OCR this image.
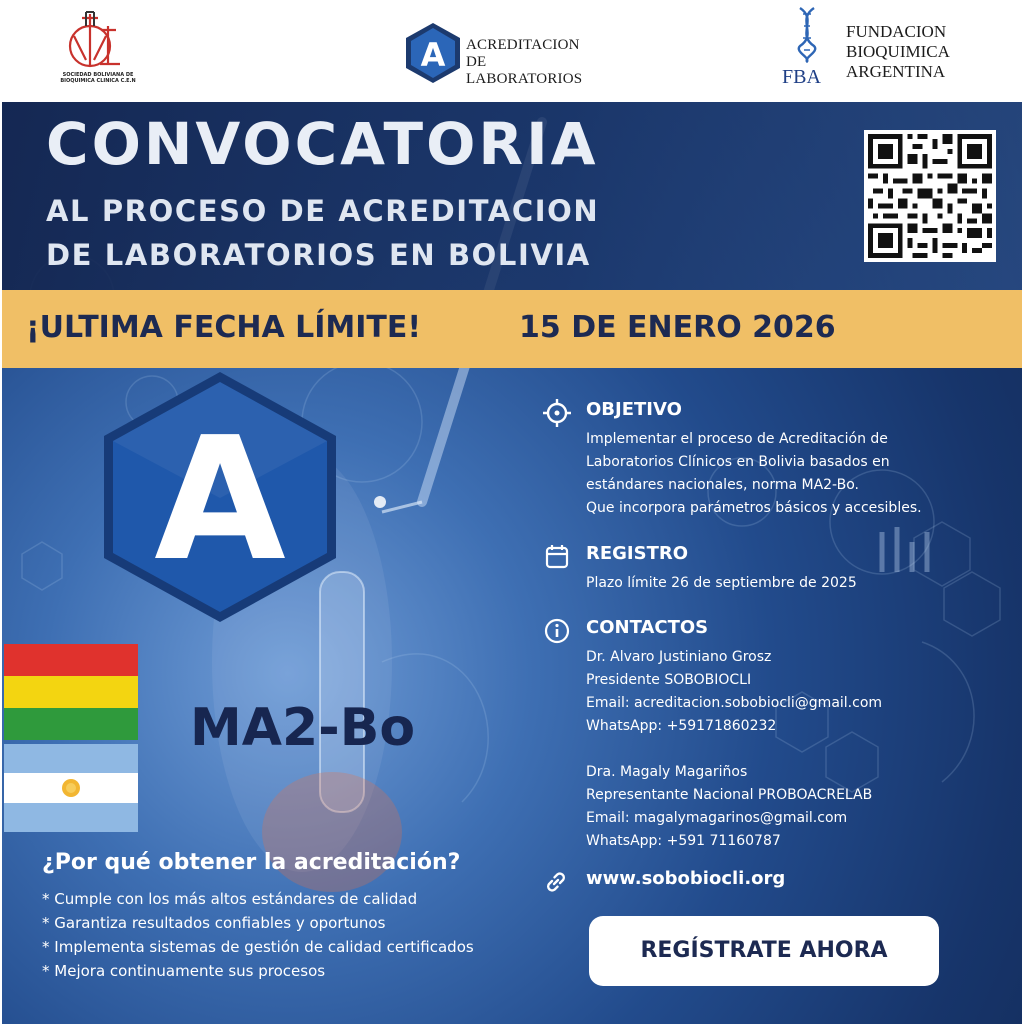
SOCIEDAD BOLIVIANA DE BIOQUIMICA CLINICA C.E.N
A ACREDITACION DE
LABORATORIOS	FBA
FUNDACION
BIOQUIMICA
ARGENTINA
CONVOCATORIA
AL PROCESO DE ACREDITACION
DE LABORATORIOS EN BOLIVIA
¡ULTIMA FECHA LÍMITE!	15 DE ENERO 2026
A
MA2-Bo
¿Por qué obtener la acreditación?
* Cumple con los más altos estándares de calidad
* Garantiza resultados confiables y oportunos
* Implementa sistemas de gestión de calidad certificados
* Mejora continuamente sus procesos
OBJETIVO
Implementar el proceso de Acreditación de
Laboratorios Clínicos en Bolivia basados en
estándares nacionales, norma MA2-Bo.
Que incorpora parámetros básicos y accesibles.
REGISTRO
Plazo límite 26 de septiembre de 2025
CONTACTOS
Dr. Alvaro Justiniano Grosz
Presidente SOBOBIOCLI
Email: acreditacion.sobobiocli@gmail.com
WhatsApp: +59171860232

Dra. Magaly Magariños
Representante Nacional PROBOACRELAB
Email: magalymagarinos@gmail.com
WhatsApp: +591 71160787
www.sobobiocli.org
REGÍSTRATE AHORA
